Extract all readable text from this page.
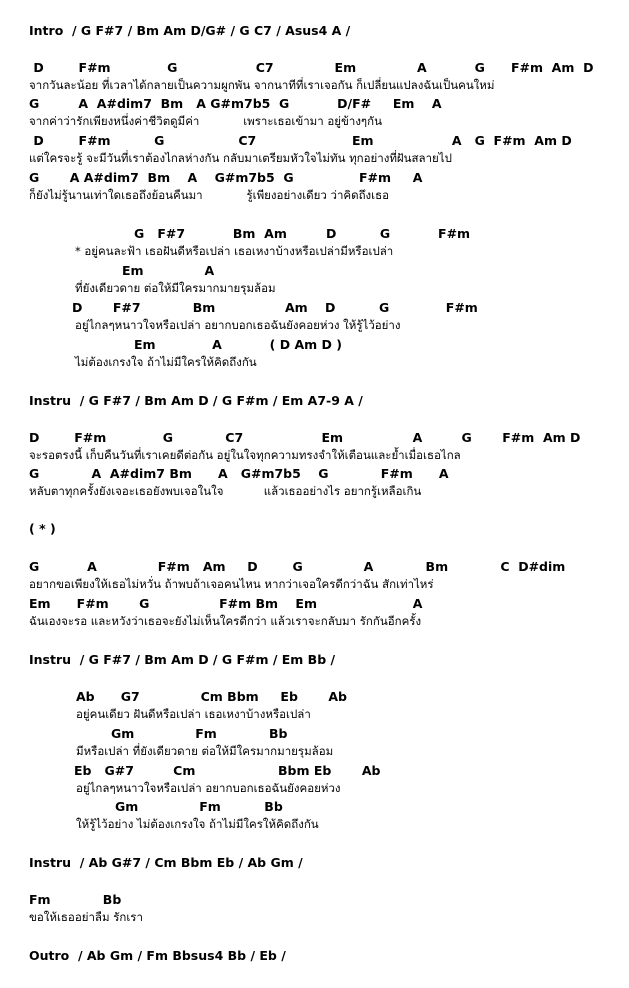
Intro  / G F#7 / Bm Am D/G# / G C7 / Asus4 A /
D        F#m             G                  C7              Em              A           G      F#m  Am  D
จากวันละน้อย ที่เวลาได้กลายเป็นความผูกพัน จากนาทีที่เราเจอกัน ก็เปลี่ยนแปลงฉันเป็นคนใหม่
G         A  A#dim7  Bm   A G#m7b5  G           D/F#     Em    A
จากค่าว่ารักเพียงหนึ่งค่าชีวิตดูมีค่า            เพราะเธอเข้ามา อยู่ข้างๆกัน
D        F#m          G                 C7                      Em                  A   G  F#m  Am D
แต่ใครจะรู้ จะมีวันที่เราต้องไกลห่างกัน กลับมาเตรียมหัวใจไม่ทัน ทุกอย่างที่ฝันสลายไป
G       A A#dim7  Bm    A    G#m7b5  G               F#m     A
ก็ยังไม่รู้นานเท่าใดเธอถึงย้อนคืนมา            รู้เพียงอย่างเดียว ว่าคิดถึงเธอ
G   F#7           Bm  Am         D          G           F#m
* อยู่คนละฟ้า เธอฝันดีหรือเปล่า เธอเหงาบ้างหรือเปล่ามีหรือเปล่า
Em              A
ที่ยังเดียวดาย ต่อให้มีใครมากมายรุมล้อม
D       F#7            Bm                Am    D          G             F#m
อยู่ไกลๆหนาวใจหรือเปล่า อยากบอกเธอฉันยังคอยห่วง ให้รู้ไว้อย่าง
Em             A           ( D Am D )
ไม่ต้องเกรงใจ ถ้าไม่มีใครให้คิดถึงกัน
Instru  / G F#7 / Bm Am D / G F#m / Em A7-9 A /
D        F#m             G            C7                  Em                A         G       F#m  Am D
จะรอตรงนี้ เก็บคืนวันที่เราเคยดีต่อกัน อยู่ในใจทุกความทรงจำให้เตือนและย้ำเมื่อเธอไกล
G            A  A#dim7 Bm      A   G#m7b5    G            F#m      A
หลับตาทุกครั้งยังเจอะเธอยังพบเจอในใจ           แล้วเธออย่างไร อยากรู้เหลือเกิน
( * )
G           A              F#m   Am     D        G              A            Bm            C  D#dim
อยากขอเพียงให้เธอไม่หวั่น ถ้าพบถ้าเจอคนไหน หากว่าเจอใครดีกว่าฉัน สักเท่าไหร่
Em      F#m       G                F#m Bm    Em                      A
ฉันเองจะรอ และหวังว่าเธอจะยังไม่เห็นใครดีกว่า แล้วเราจะกลับมา รักกันอีกครั้ง
Instru  / G F#7 / Bm Am D / G F#m / Em Bb /
Ab      G7              Cm Bbm     Eb       Ab
อยู่คนเดียว ฝันดีหรือเปล่า เธอเหงาบ้างหรือเปล่า
Gm              Fm            Bb
มีหรือเปล่า ที่ยังเดียวดาย ต่อให้มีใครมากมายรุมล้อม
Eb   G#7         Cm                   Bbm Eb       Ab
อยู่ไกลๆหนาวใจหรือเปล่า อยากบอกเธอฉันยังคอยห่วง
Gm              Fm          Bb
ให้รู้ไว้อย่าง ไม่ต้องเกรงใจ ถ้าไม่มีใครให้คิดถึงกัน
Instru  / Ab G#7 / Cm Bbm Eb / Ab Gm /
Fm            Bb
ขอให้เธออย่าลืม รักเรา
Outro  / Ab Gm / Fm Bbsus4 Bb / Eb /
